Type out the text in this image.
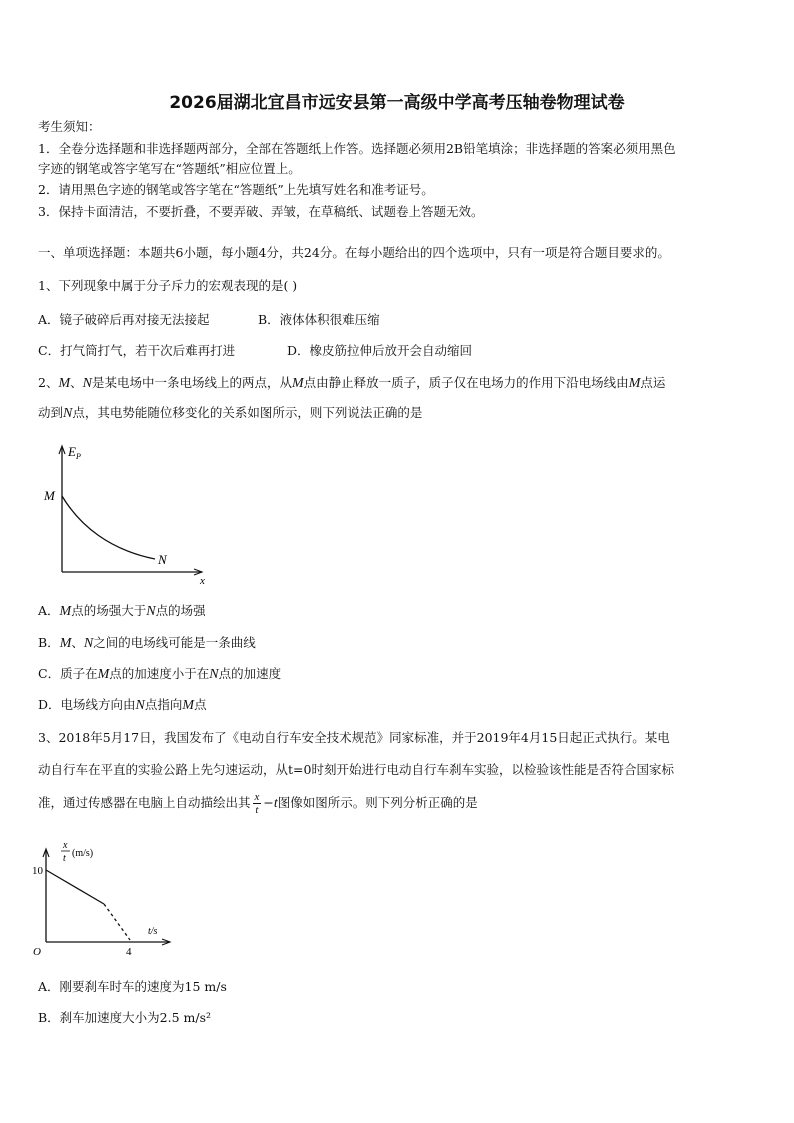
2026届湖北宜昌市远安县第一高级中学高考压轴卷物理试卷
考生须知：
1．全卷分选择题和非选择题两部分，全部在答题纸上作答。选择题必须用2B铅笔填涂；非选择题的答案必须用黑色
字迹的钢笔或答字笔写在“答题纸”相应位置上。
2．请用黑色字迹的钢笔或答字笔在“答题纸”上先填写姓名和准考证号。
3．保持卡面清洁，不要折叠，不要弄破、弄皱，在草稿纸、试题卷上答题无效。
一、单项选择题：本题共6小题，每小题4分，共24分。在每小题给出的四个选项中，只有一项是符合题目要求的。
1、下列现象中属于分子斥力的宏观表现的是( )
A．镜子破碎后再对接无法接起	B．液体体积很难压缩
C．打气筒打气，若干次后难再打进	D．橡皮筋拉伸后放开会自动缩回
2、M、N是某电场中一条电场线上的两点，从M点由静止释放一质子，质子仅在电场力的作用下沿电场线由M点运
动到N点，其电势能随位移变化的关系如图所示，则下列说法正确的是
E P
M
N
x
A．M点的场强大于N点的场强
B．M、N之间的电场线可能是一条曲线
C．质子在M点的加速度小于在N点的加速度
D．电场线方向由N点指向M点
3、2018年5月17日，我国发布了《电动自行车安全技术规范》同家标准，并于2019年4月15日起正式执行。某电
动自行车在平直的实验公路上先匀速运动，从t=0时刻开始进行电动自行车刹车实验，以检验该性能是否符合国家标
准，通过传感器在电脑上自动描绘出其 $\frac{x}{t} -t$图像如图所示。则下列分析正确的是
x
t (m/s)
10
t/s
4
O
A．刚要刹车时车的速度为15 m/s
B．刹车加速度大小为2.5 m/s²
